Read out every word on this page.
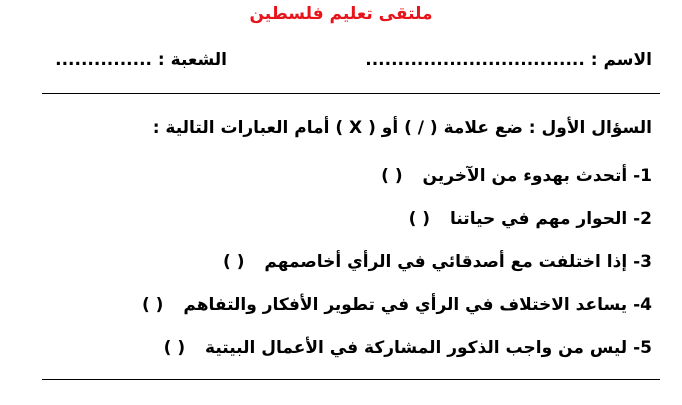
ملتقى تعليم فلسطين
الاسم : ..................................
الشعبة : ...............
السؤال الأول : ضع علامة ( / ) أو ( X ) أمام العبارات التالية :
1- أتحدث بهدوء من الآخرين ( )
2- الحوار مهم في حياتنا ( )
3- إذا اختلفت مع أصدقائي في الرأي أخاصمهم ( )
4- يساعد الاختلاف في الرأي في تطوير الأفكار والتفاهم ( )
5- ليس من واجب الذكور المشاركة في الأعمال البيتية ( )
